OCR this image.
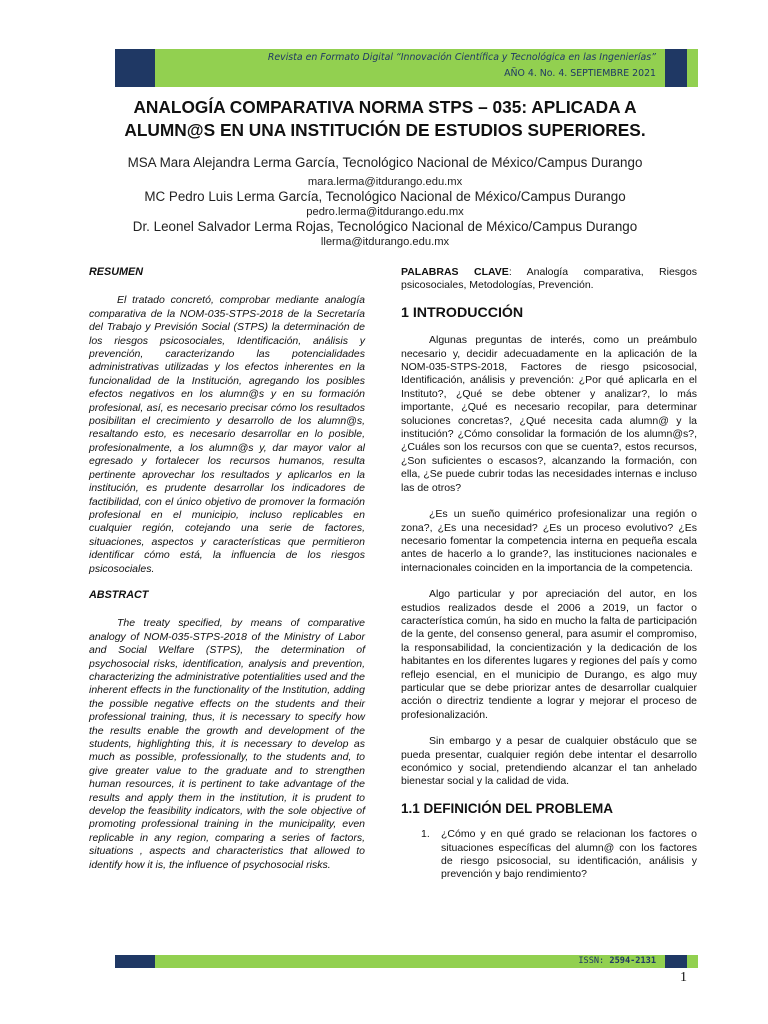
Revista en Formato Digital “Innovación Científica y Tecnológica en las Ingenierías”
AÑO 4. No. 4. SEPTIEMBRE 2021
ANALOGÍA COMPARATIVA NORMA STPS – 035: APLICADA A
ALUMN@S EN UNA INSTITUCIÓN DE ESTUDIOS SUPERIORES.
MSA Mara Alejandra Lerma García, Tecnológico Nacional de México/Campus Durango
mara.lerma@itdurango.edu.mx
MC Pedro Luis Lerma García, Tecnológico Nacional de México/Campus Durango
pedro.lerma@itdurango.edu.mx
Dr. Leonel Salvador Lerma Rojas, Tecnológico Nacional de México/Campus Durango
llerma@itdurango.edu.mx

RESUMEN

El tratado concretó, comprobar mediante analogía comparativa de la NOM-035-STPS-2018 de la Secretaría del Trabajo y Previsión Social (STPS) la determinación de los riesgos psicosociales, Identificación, análisis y prevención, caracterizando las potencialidades administrativas utilizadas y los efectos inherentes en la funcionalidad de la Institución, agregando los posibles efectos negativos en los alumn@s y en su formación profesional, así, es necesario precisar cómo los resultados posibilitan el crecimiento y desarrollo de los alumn@s, resaltando esto, es necesario desarrollar en lo posible, profesionalmente, a los alumn@s y, dar mayor valor al egresado y fortalecer los recursos humanos, resulta pertinente aprovechar los resultados y aplicarlos en la institución, es prudente desarrollar los indicadores de factibilidad, con el único objetivo de promover la formación profesional en el municipio, incluso replicables en cualquier región, cotejando una serie de factores, situaciones, aspectos y características que permitieron identificar cómo está, la influencia de los riesgos psicosociales.

ABSTRACT

The treaty specified, by means of comparative analogy of NOM-035-STPS-2018 of the Ministry of Labor and Social Welfare (STPS), the determination of psychosocial risks, identification, analysis and prevention, characterizing the administrative potentialities used and the inherent effects in the functionality of the Institution, adding the possible negative effects on the students and their professional training, thus, it is necessary to specify how the results enable the growth and development of the students, highlighting this, it is necessary to develop as much as possible, professionally, to the students and, to give greater value to the graduate and to strengthen human resources, it is pertinent to take advantage of the results and apply them in the institution, it is prudent to develop the feasibility indicators, with the sole objective of promoting professional training in the municipality, even replicable in any region, comparing a series of factors, situations , aspects and characteristics that allowed to identify how it is, the influence of psychosocial risks.

PALABRAS CLAVE: Analogía comparativa, Riesgos psicosociales, Metodologías, Prevención.

1 INTRODUCCIÓN

Algunas preguntas de interés, como un preámbulo necesario y, decidir adecuadamente en la aplicación de la NOM-035-STPS-2018, Factores de riesgo psicosocial, Identificación, análisis y prevención: ¿Por qué aplicarla en el Instituto?, ¿Qué se debe obtener y analizar?, lo más importante, ¿Qué es necesario recopilar, para determinar soluciones concretas?, ¿Qué necesita cada alumn@ y la institución? ¿Cómo consolidar la formación de los alumn@s?, ¿Cuáles son los recursos con que se cuenta?, estos recursos, ¿Son suficientes o escasos?, alcanzando la formación, con ella, ¿Se puede cubrir todas las necesidades internas e incluso las de otros?

¿Es un sueño quimérico profesionalizar una región o zona?, ¿Es una necesidad? ¿Es un proceso evolutivo? ¿Es necesario fomentar la competencia interna en pequeña escala antes de hacerlo a lo grande?, las instituciones nacionales e internacionales coinciden en la importancia de la competencia.

Algo particular y por apreciación del autor, en los estudios realizados desde el 2006 a 2019, un factor o característica común, ha sido en mucho la falta de participación de la gente, del consenso general, para asumir el compromiso, la responsabilidad, la concientización y la dedicación de los habitantes en los diferentes lugares y regiones del país y como reflejo esencial, en el municipio de Durango, es algo muy particular que se debe priorizar antes de desarrollar cualquier acción o directriz tendiente a lograr y mejorar el proceso de profesionalización.

Sin embargo y a pesar de cualquier obstáculo que se pueda presentar, cualquier región debe intentar el desarrollo económico y social, pretendiendo alcanzar el tan anhelado bienestar social y la calidad de vida.

1.1 DEFINICIÓN DEL PROBLEMA

1.	¿Cómo y en qué grado se relacionan los factores o situaciones específicas del alumn@ con los factores de riesgo psicosocial, su identificación, análisis y prevención y bajo rendimiento?
ISSN: 2594-2131
1
